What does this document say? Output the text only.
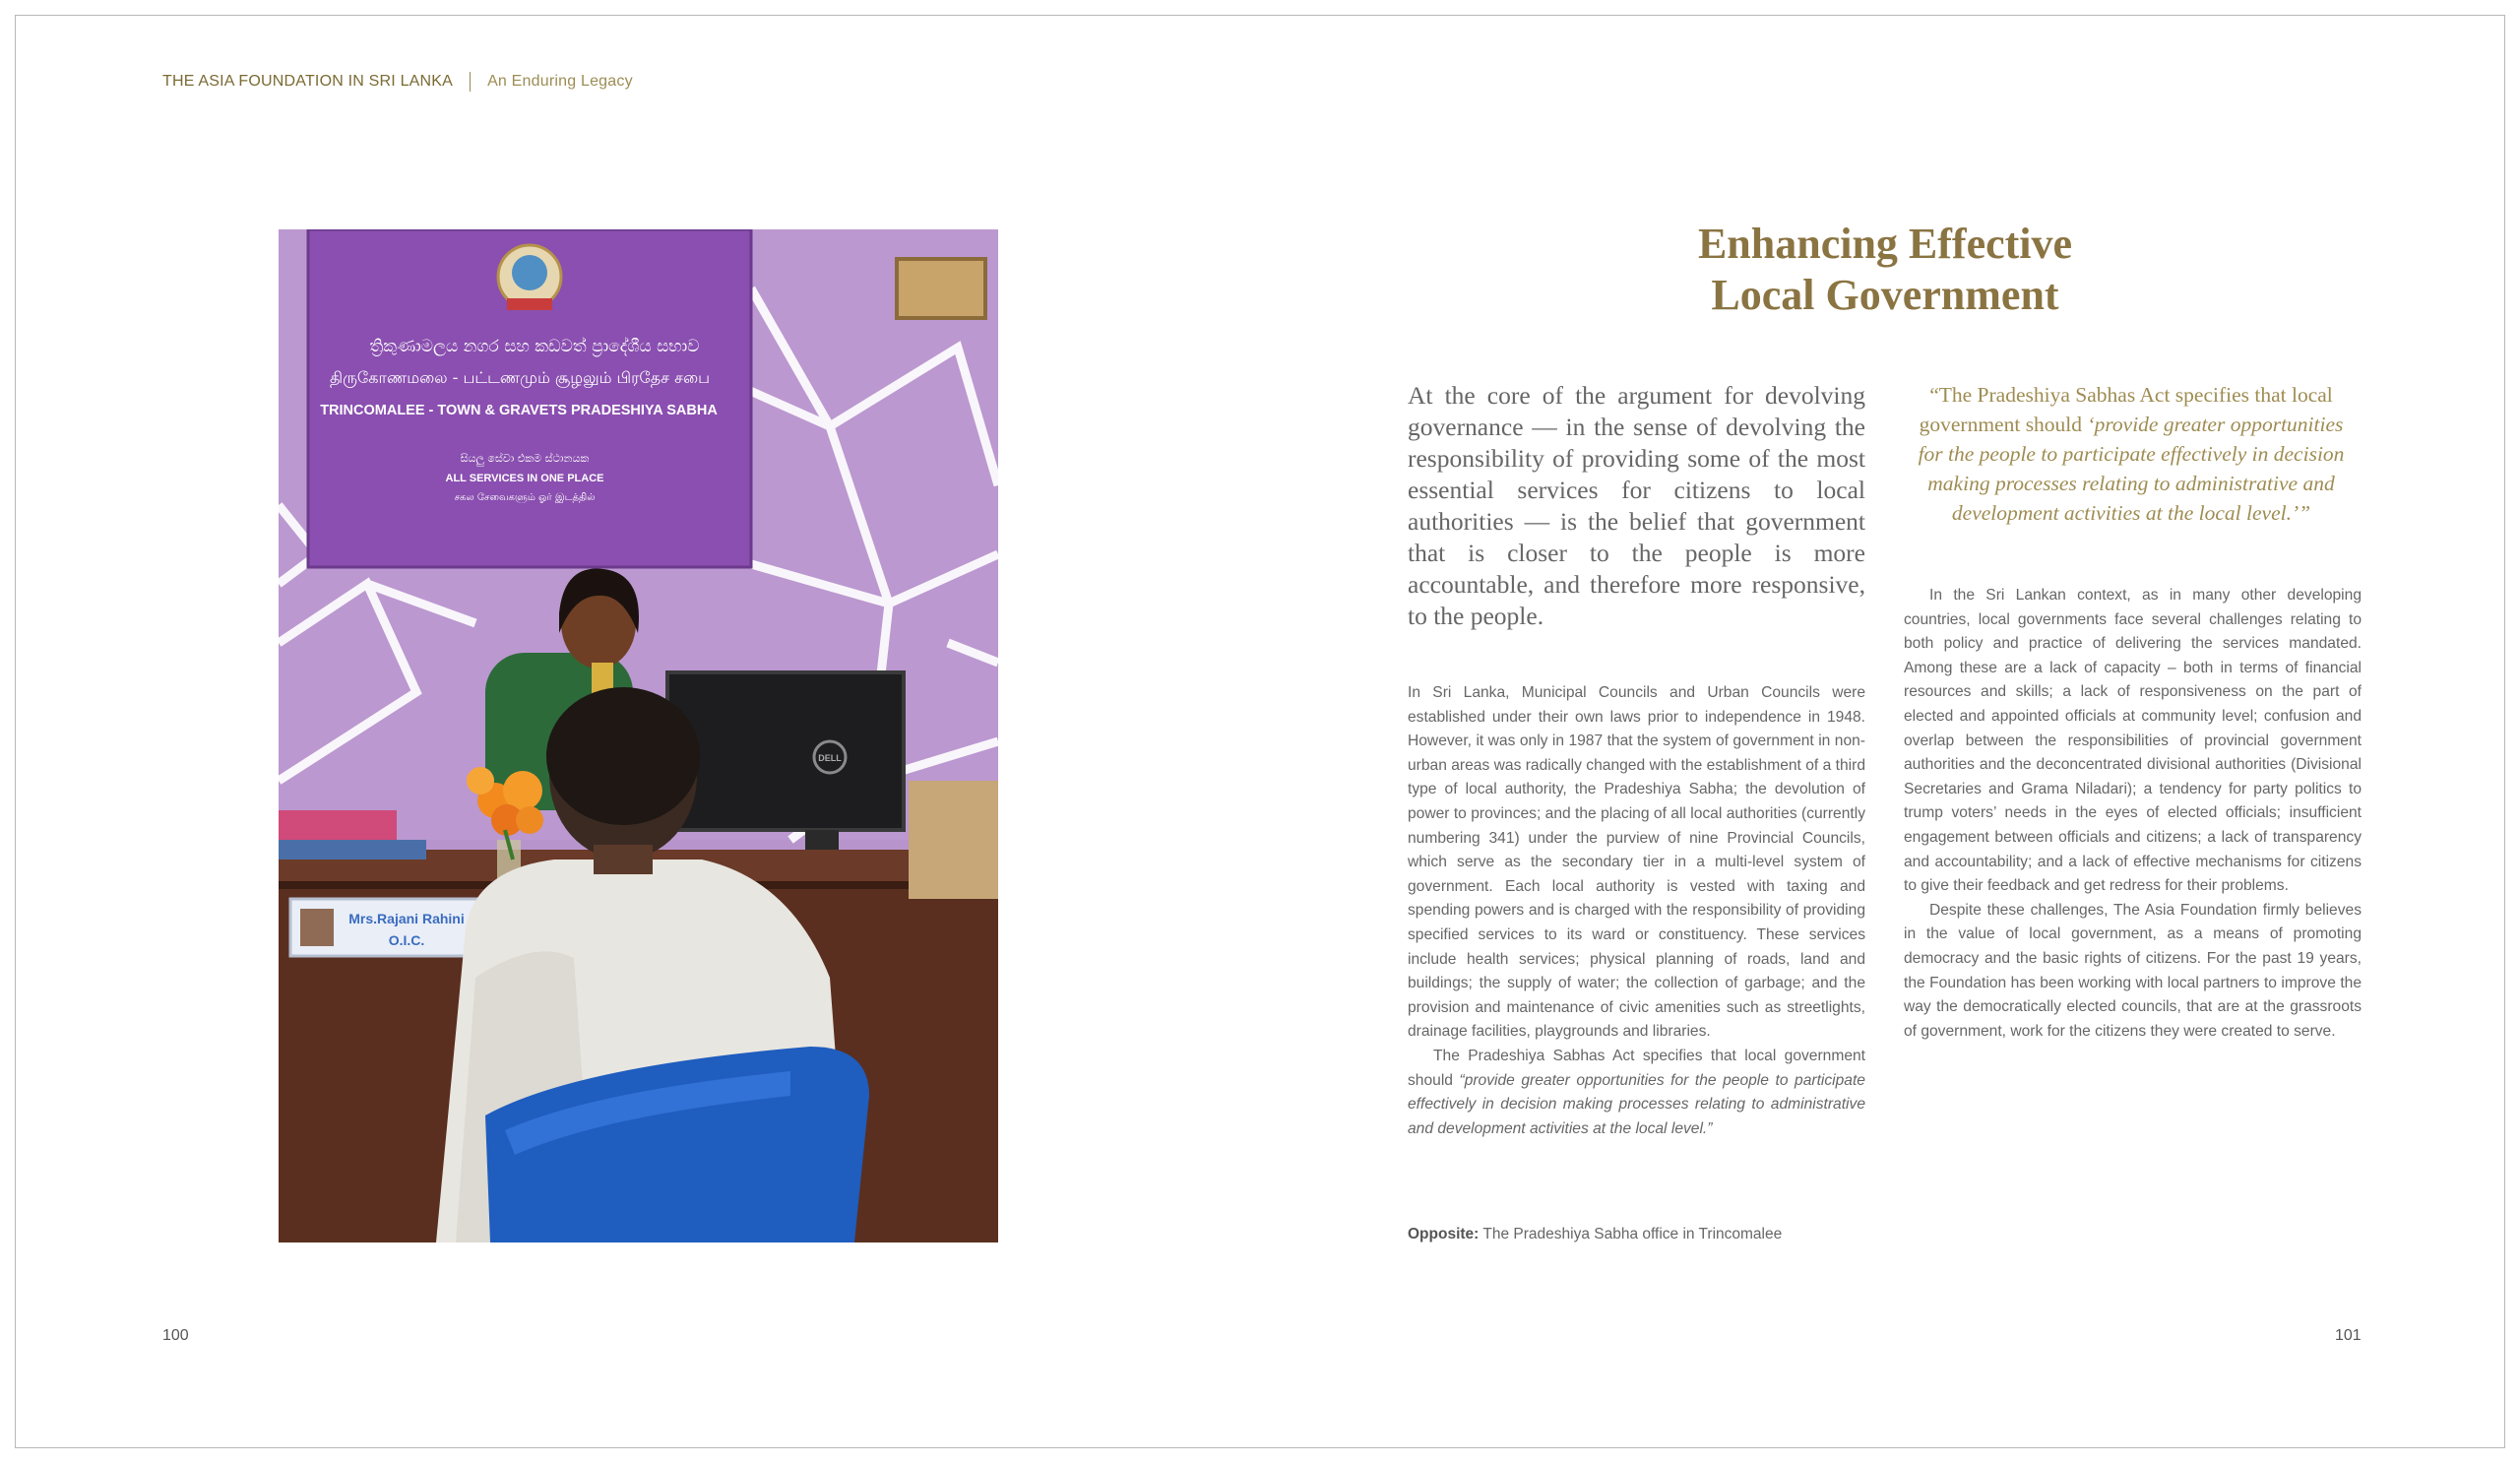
THE ASIA FOUNDATION IN SRI LANKA An Enduring Legacy
ත්‍රිකුණාමලය නගර සහ කඩවත් ප්‍රාදේශීය සභාව
திருகோணமலை - பட்டணமும் சூழலும் பிரதேச சபை
TRINCOMALEE - TOWN & GRAVETS PRADESHIYA SABHA
සියලු සේවා එකම ස්ථානයක
ALL SERVICES IN ONE PLACE
சகல சேவைகளும் ஓர் இடத்தில்
DELL
Mrs.Rajani Rahini
O.I.C.
Enhancing Effective
Local Government
At the core of the argument for devolving governance — in the sense of devolving the responsibility of providing some of the most essential services for citizens to local authorities — is the belief that government that is closer to the people is more accountable, and therefore more responsive, to the people.
“The Pradeshiya Sabhas Act specifies that local government should ‘provide greater opportunities for the people to participate effectively in decision making processes relating to administrative and development activities at the local level.’”

In Sri Lanka, Municipal Councils and Urban Councils were established under their own laws prior to independence in 1948. However, it was only in 1987 that the system of government in non-urban areas was radically changed with the establishment of a third type of local authority, the Pradeshiya Sabha; the devolution of power to provinces; and the placing of all local authorities (currently numbering 341) under the purview of nine Provincial Councils, which serve as the secondary tier in a multi-level system of government. Each local authority is vested with taxing and spending powers and is charged with the responsibility of providing specified services to its ward or constituency. These services include health services; physical planning of roads, land and buildings; the supply of water; the collection of garbage; and the provision and maintenance of civic amenities such as streetlights, drainage facilities, playgrounds and libraries.

The Pradeshiya Sabhas Act specifies that local government should “provide greater opportunities for the people to participate effectively in decision making processes relating to administrative and development activities at the local level.”

In the Sri Lankan context, as in many other developing countries, local governments face several challenges relating to both policy and practice of delivering the services mandated. Among these are a lack of capacity – both in terms of financial resources and skills; a lack of responsiveness on the part of elected and appointed officials at community level; confusion and overlap between the responsibilities of provincial government authorities and the deconcentrated divisional authorities (Divisional Secretaries and Grama Niladari); a tendency for party politics to trump voters’ needs in the eyes of elected officials; insufficient engagement between officials and citizens; a lack of transparency and accountability; and a lack of effective mechanisms for citizens to give their feedback and get redress for their problems.

Despite these challenges, The Asia Foundation firmly believes in the value of local government, as a means of promoting democracy and the basic rights of citizens. For the past 19 years, the Foundation has been working with local partners to improve the way the democratically elected councils, that are at the grassroots of government, work for the citizens they were created to serve.

Opposite: The Pradeshiya Sabha office in Trincomalee
100	101
